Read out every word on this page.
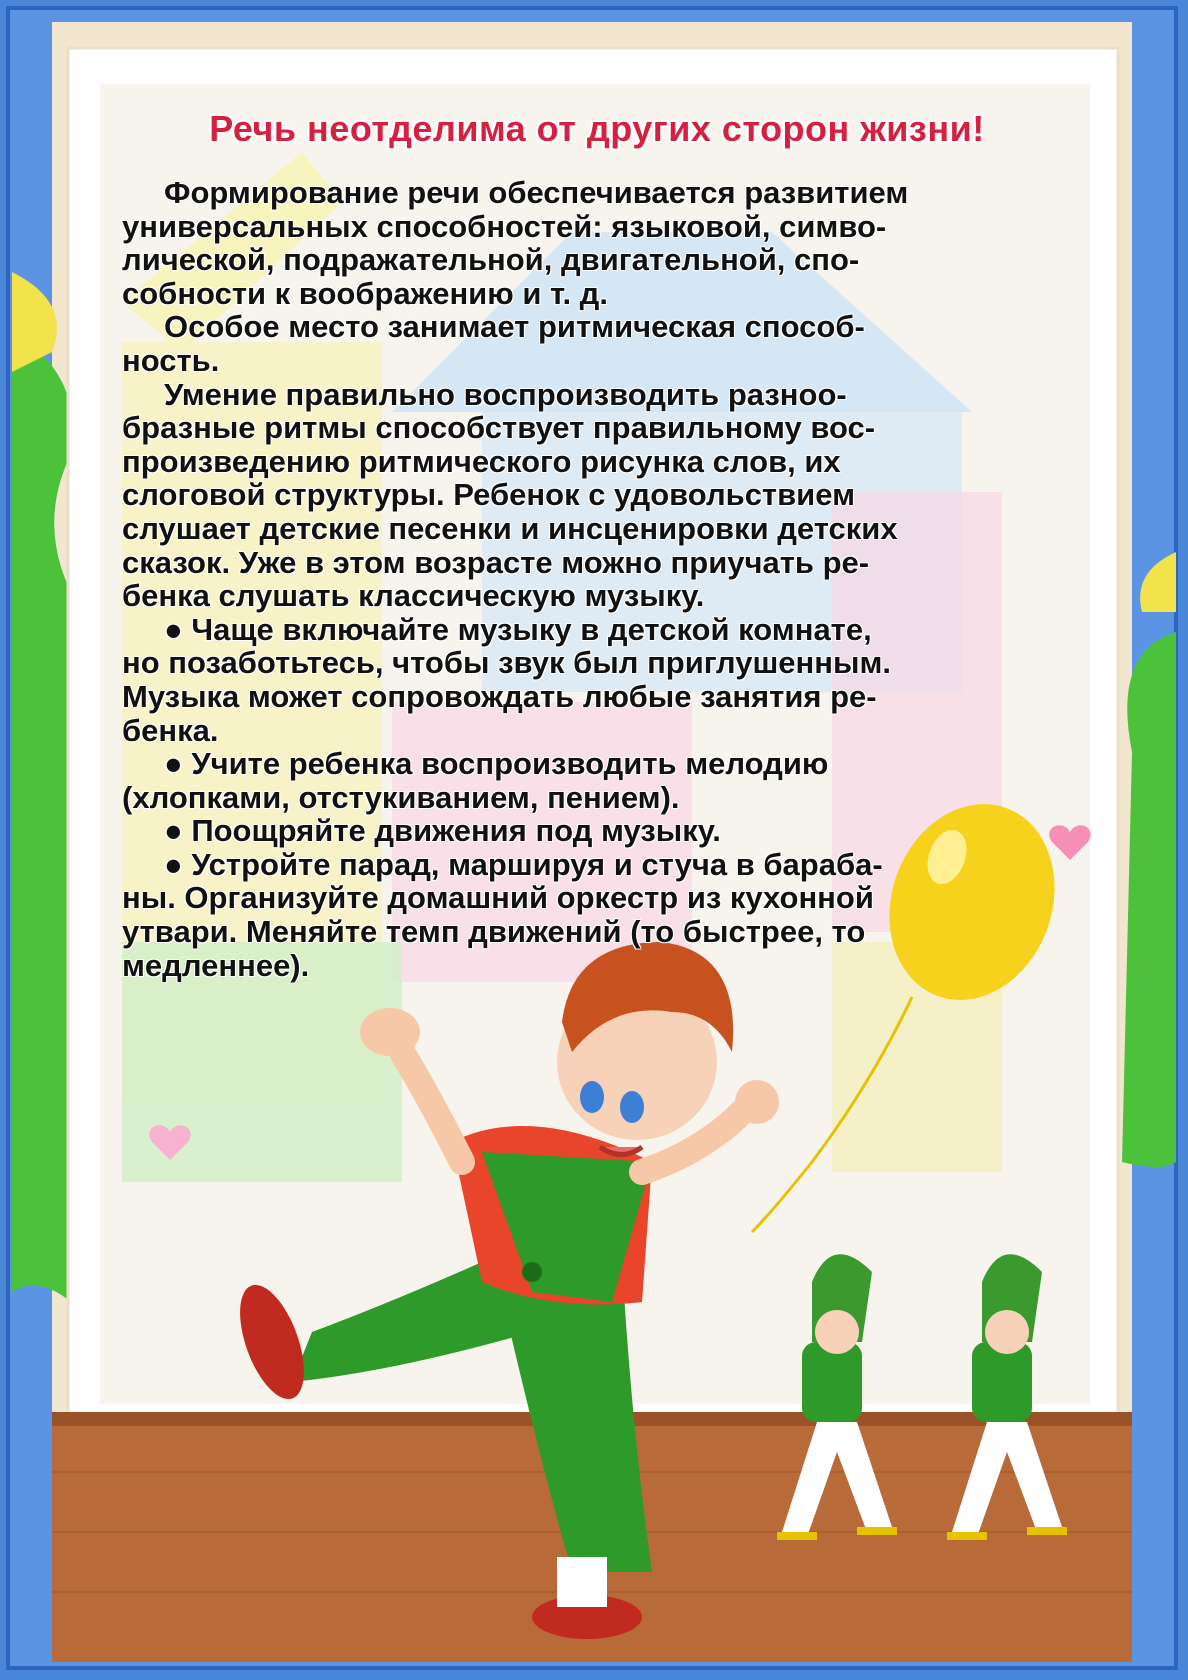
Речь неотделима от других сторон жизни!
Формирование речи обеспечивается развитием
универсальных способностей: языковой, симво-
лической, подражательной, двигательной, спо-
собности к воображению и т. д.
Особое место занимает ритмическая способ-
ность.
Умение правильно воспроизводить разноо-
бразные ритмы способствует правильному вос-
произведению ритмического рисунка слов, их
слоговой структуры. Ребенок с удовольствием
слушает детские песенки и инсценировки детских
сказок. Уже в этом возрасте можно приучать ре-
бенка слушать классическую музыку.
● Чаще включайте музыку в детской комнате,
но позаботьтесь, чтобы звук был приглушенным.
Музыка может сопровождать любые занятия ре-
бенка.
● Учите ребенка воспроизводить мелодию
(хлопками, отстукиванием, пением).
● Поощряйте движения под музыку.
● Устройте парад, маршируя и стуча в бараба-
ны. Организуйте домашний оркестр из кухонной
утвари. Меняйте темп движений (то быстрее, то
медленнее).
